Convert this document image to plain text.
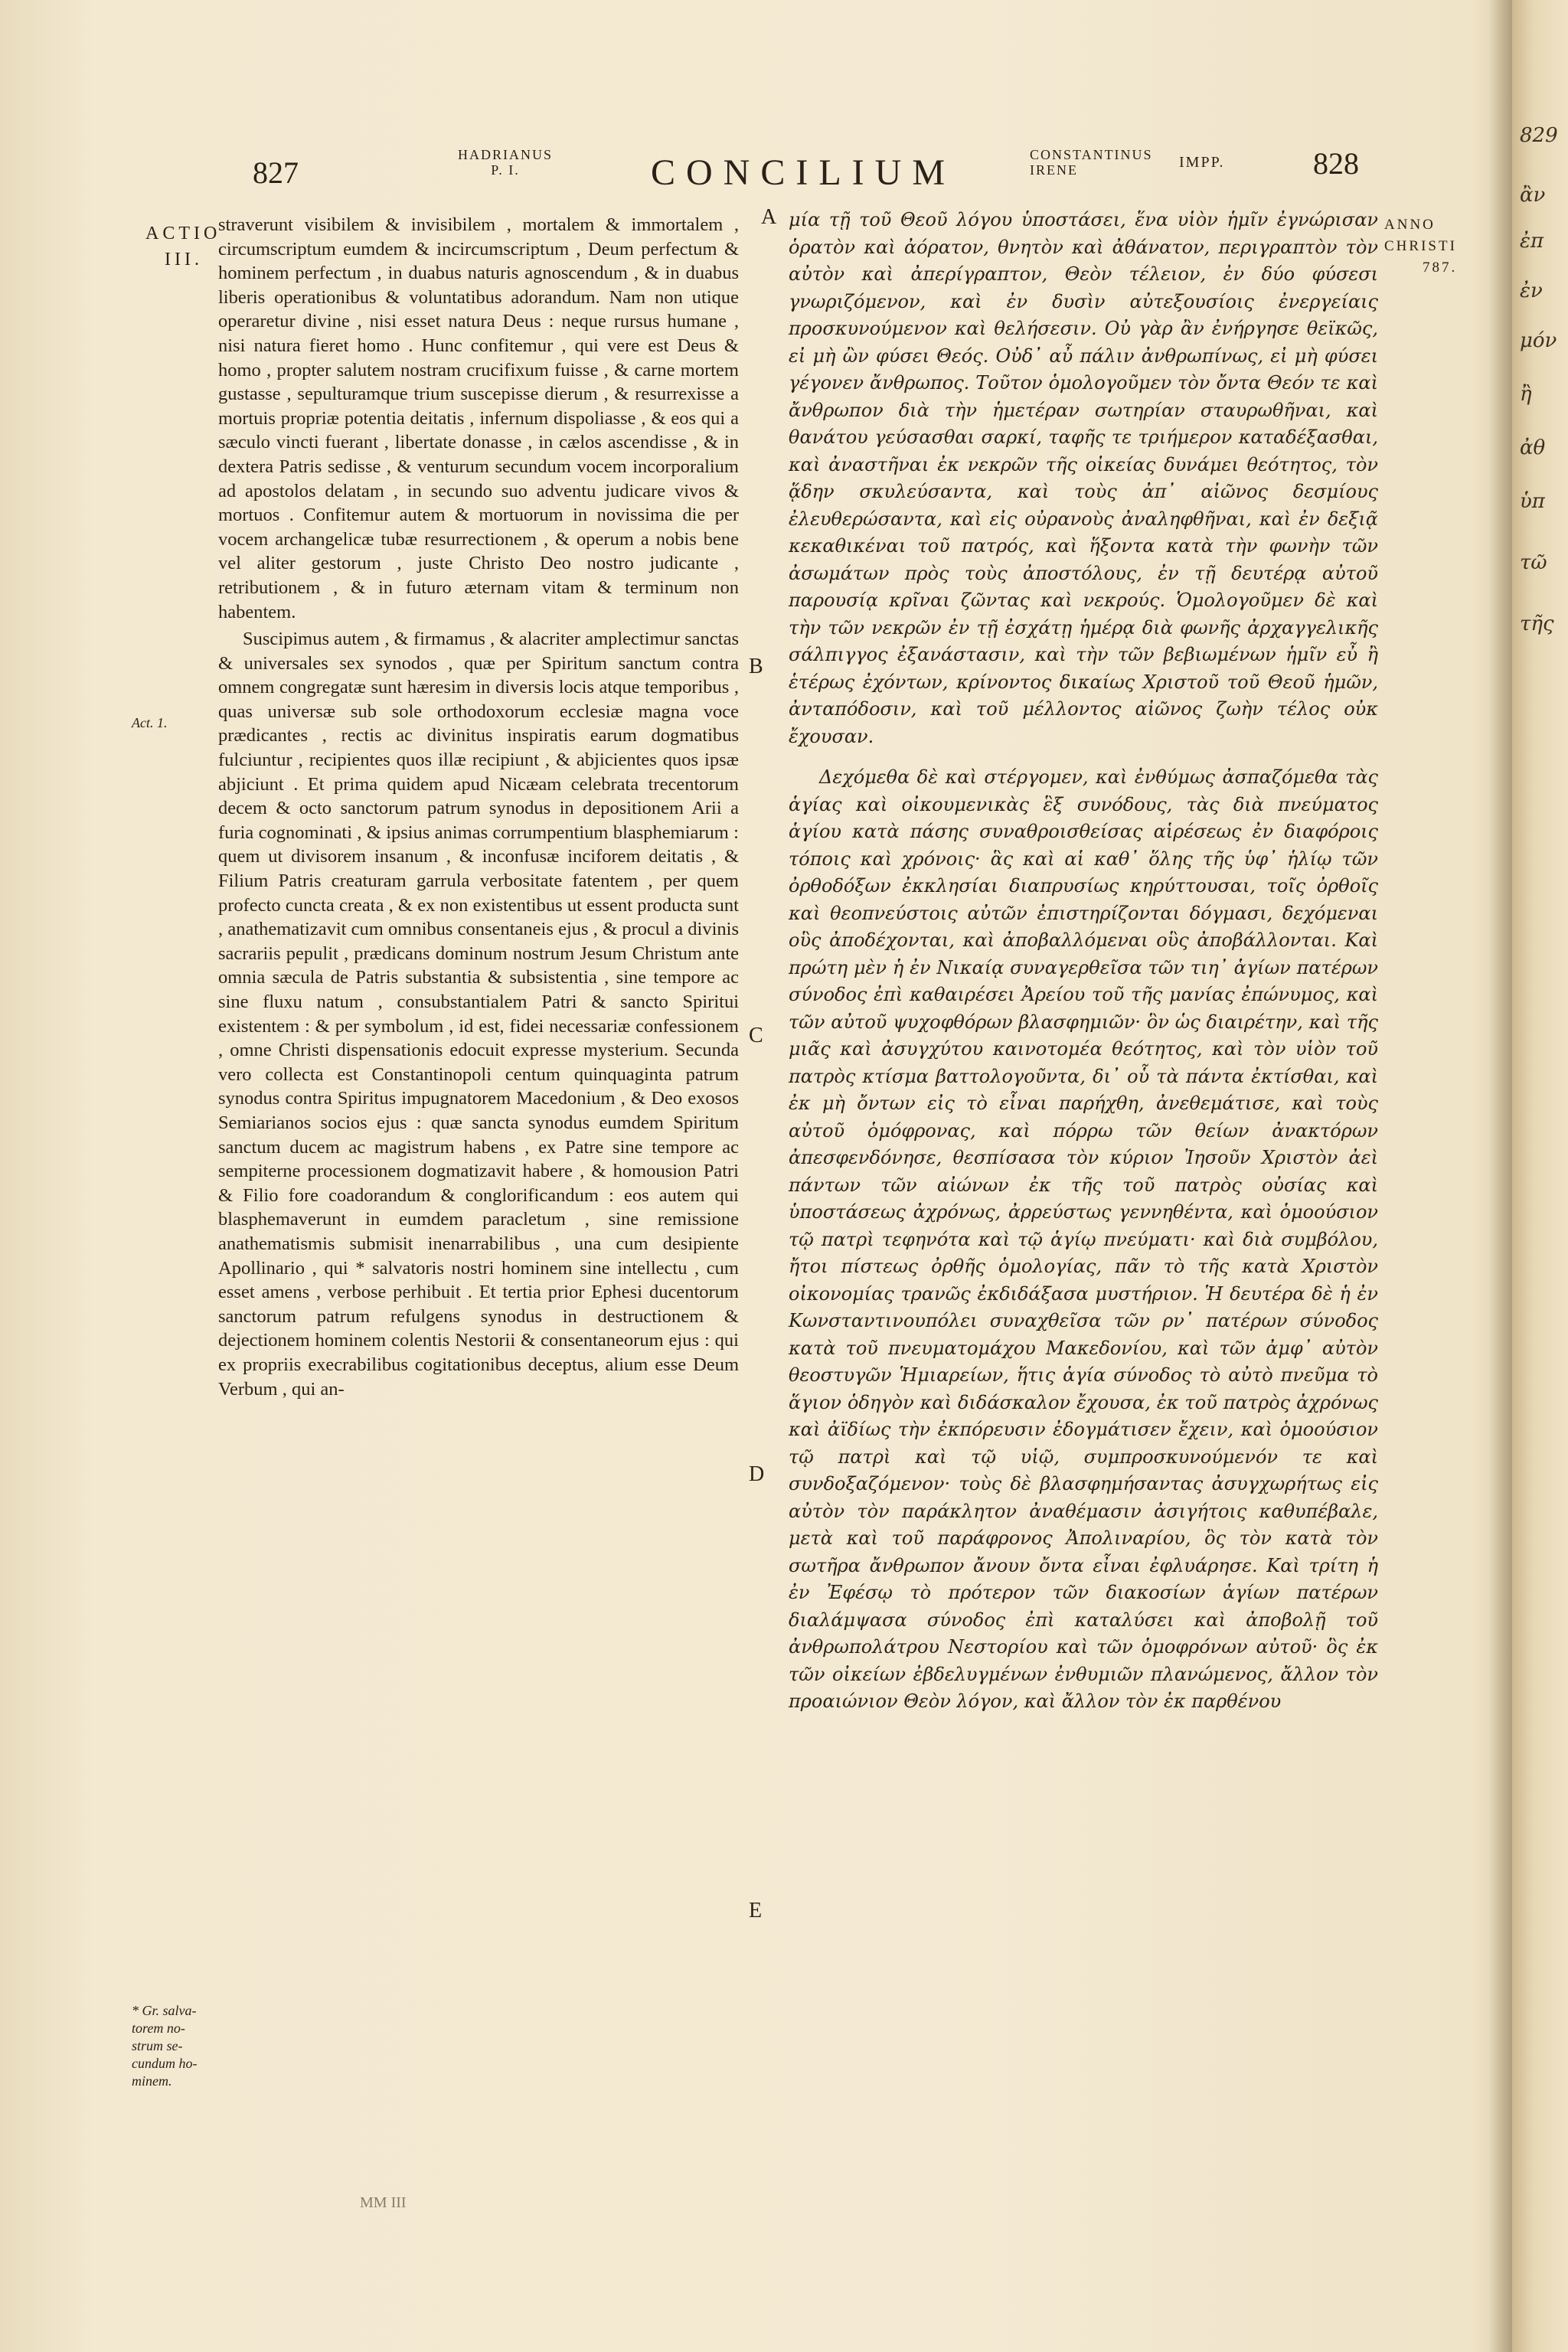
829
ἂν
ἐπ
ἐν
μόν
ἢ
ἀθ
ὑπ
τῶ
τῆς
827
HADRIANUS
P. I.	CONCILIUM	CONSTANTINUS
IRENE	IMPP.	828
ACTIO
III.
Act. 1.
* Gr. salva-
torem no-
strum se-
cundum ho-
minem.

straverunt visibilem & invisibilem , mortalem & immortalem , circumscriptum eumdem & incircumscriptum , Deum perfectum & hominem perfectum , in duabus naturis agnoscendum , & in duabus liberis operationibus & voluntatibus adorandum. Nam non utique operaretur divine , nisi esset natura Deus : neque rursus humane , nisi natura fieret homo . Hunc confitemur , qui vere est Deus & homo , propter salutem nostram crucifixum fuisse , & carne mortem gustasse , sepulturamque trium suscepisse dierum , & resurrexisse a mortuis propriæ potentia deitatis , infernum dispoliasse , & eos qui a sæculo vincti fuerant , libertate donasse , in cælos ascendisse , & in dextera Patris sedisse , & venturum secundum vocem incorporalium ad apostolos delatam , in secundo suo adventu judicare vivos & mortuos . Confitemur autem & mortuorum in novissima die per vocem archangelicæ tubæ resurrectionem , & operum a nobis bene vel aliter gestorum , juste Christo Deo nostro judicante , retributionem , & in futuro æternam vitam & terminum non habentem.

Suscipimus autem , & firmamus , & alacriter amplectimur sanctas & universales sex synodos , quæ per Spiritum sanctum contra omnem congregatæ sunt hæresim in diversis locis atque temporibus , quas universæ sub sole orthodoxorum ecclesiæ magna voce prædicantes , rectis ac divinitus inspiratis earum dogmatibus fulciuntur , recipientes quos illæ recipiunt , & abjicientes quos ipsæ abjiciunt . Et prima quidem apud Nicæam celebrata trecentorum decem & octo sanctorum patrum synodus in depositionem Arii a furia cognominati , & ipsius animas corrumpentium blasphemiarum : quem ut divisorem insanum , & inconfusæ inciforem deitatis , & Filium Patris creaturam garrula verbositate fatentem , per quem profecto cuncta creata , & ex non existentibus ut essent producta sunt , anathematizavit cum omnibus consentaneis ejus , & procul a divinis sacrariis pepulit , prædicans dominum nostrum Jesum Christum ante omnia sæcula de Patris substantia & subsistentia , sine tempore ac sine fluxu natum , consubstantialem Patri & sancto Spiritui existentem : & per symbolum , id est, fidei necessariæ confessionem , omne Christi dispensationis edocuit expresse mysterium. Secunda vero collecta est Constantinopoli centum quinquaginta patrum synodus contra Spiritus impugnatorem Macedonium , & Deo exosos Semiarianos socios ejus : quæ sancta synodus eumdem Spiritum sanctum ducem ac magistrum habens , ex Patre sine tempore ac sempiterne processionem dogmatizavit habere , & homousion Patri & Filio fore coadorandum & conglorificandum : eos autem qui blasphemaverunt in eumdem paracletum , sine remissione anathematismis submisit inenarrabilibus , una cum desipiente Apollinario , qui * salvatoris nostri hominem sine intellectu , cum esset amens , verbose perhibuit . Et tertia prior Ephesi ducentorum sanctorum patrum refulgens synodus in destructionem & dejectionem hominem colentis Nestorii & consentaneorum ejus : qui ex propriis execrabilibus cogitationibus deceptus, alium esse Deum Verbum , qui an-

A
B
C
D
E

μία τῇ τοῦ Θεοῦ λόγου ὑποστάσει, ἕνα υἱὸν ἡμῖν ἐγνώρισαν ὁρατὸν καὶ ἀόρατον, θνητὸν καὶ ἀθάνατον, περιγραπτὸν τὸν αὐτὸν καὶ ἀπερίγραπτον, Θεὸν τέλειον, ἐν δύο φύσεσι γνωριζόμενον, καὶ ἐν δυσὶν αὐτεξουσίοις ἐνεργείαις προσκυνούμενον καὶ θελήσεσιν. Οὐ γὰρ ἂν ἐνήργησε θεϊκῶς, εἰ μὴ ὢν φύσει Θεός. Οὐδ᾽ αὖ πάλιν ἀνθρωπίνως, εἰ μὴ φύσει γέγονεν ἄνθρωπος. Τοῦτον ὁμολογοῦμεν τὸν ὄντα Θεόν τε καὶ ἄνθρωπον διὰ τὴν ἡμετέραν σωτηρίαν σταυρωθῆναι, καὶ θανάτου γεύσασθαι σαρκί, ταφῆς τε τριήμερον καταδέξασθαι, καὶ ἀναστῆναι ἐκ νεκρῶν τῆς οἰκείας δυνάμει θεότητος, τὸν ᾅδην σκυλεύσαντα, καὶ τοὺς ἀπ᾽ αἰῶνος δεσμίους ἐλευθερώσαντα, καὶ εἰς οὐρανοὺς ἀναληφθῆναι, καὶ ἐν δεξιᾷ κεκαθικέναι τοῦ πατρός, καὶ ἥξοντα κατὰ τὴν φωνὴν τῶν ἀσωμάτων πρὸς τοὺς ἀποστόλους, ἐν τῇ δευτέρᾳ αὐτοῦ παρουσίᾳ κρῖναι ζῶντας καὶ νεκρούς. Ὁμολογοῦμεν δὲ καὶ τὴν τῶν νεκρῶν ἐν τῇ ἐσχάτῃ ἡμέρᾳ διὰ φωνῆς ἀρχαγγελικῆς σάλπιγγος ἐξανάστασιν, καὶ τὴν τῶν βεβιωμένων ἡμῖν εὖ ἢ ἑτέρως ἐχόντων, κρίνοντος δικαίως Χριστοῦ τοῦ Θεοῦ ἡμῶν, ἀνταπόδοσιν, καὶ τοῦ μέλλοντος αἰῶνος ζωὴν τέλος οὐκ ἔχουσαν.

Δεχόμεθα δὲ καὶ στέργομεν, καὶ ἐνθύμως ἀσπαζόμεθα τὰς ἁγίας καὶ οἰκουμενικὰς ἓξ συνόδους, τὰς διὰ πνεύματος ἁγίου κατὰ πάσης συναθροισθείσας αἱρέσεως ἐν διαφόροις τόποις καὶ χρόνοις· ἃς καὶ αἱ καθ᾽ ὅλης τῆς ὑφ᾽ ἡλίῳ τῶν ὀρθοδόξων ἐκκλησίαι διαπρυσίως κηρύττουσαι, τοῖς ὀρθοῖς καὶ θεοπνεύστοις αὐτῶν ἐπιστηρίζονται δόγμασι, δεχόμεναι οὓς ἀποδέχονται, καὶ ἀποβαλλόμεναι οὓς ἀποβάλλονται. Καὶ πρώτη μὲν ἡ ἐν Νικαίᾳ συναγερθεῖσα τῶν τιη᾽ ἁγίων πατέρων σύνοδος ἐπὶ καθαιρέσει Ἀρείου τοῦ τῆς μανίας ἐπώνυμος, καὶ τῶν αὐτοῦ ψυχοφθόρων βλασφημιῶν· ὃν ὡς διαιρέτην, καὶ τῆς μιᾶς καὶ ἀσυγχύτου καινοτομέα θεότητος, καὶ τὸν υἱὸν τοῦ πατρὸς κτίσμα βαττολογοῦντα, δι᾽ οὗ τὰ πάντα ἐκτίσθαι, καὶ ἐκ μὴ ὄντων εἰς τὸ εἶναι παρήχθη, ἀνεθεμάτισε, καὶ τοὺς αὐτοῦ ὁμόφρονας, καὶ πόρρω τῶν θείων ἀνακτόρων ἀπεσφενδόνησε, θεσπίσασα τὸν κύριον Ἰησοῦν Χριστὸν ἀεὶ πάντων τῶν αἰώνων ἐκ τῆς τοῦ πατρὸς οὐσίας καὶ ὑποστάσεως ἀχρόνως, ἀρρεύστως γεννηθέντα, καὶ ὁμοούσιον τῷ πατρὶ τεφηνότα καὶ τῷ ἁγίῳ πνεύματι· καὶ διὰ συμβόλου, ἤτοι πίστεως ὀρθῆς ὁμολογίας, πᾶν τὸ τῆς κατὰ Χριστὸν οἰκονομίας τρανῶς ἐκδιδάξασα μυστήριον. Ἡ δευτέρα δὲ ἡ ἐν Κωνσταντινουπόλει συναχθεῖσα τῶν ρν᾽ πατέρων σύνοδος κατὰ τοῦ πνευματομάχου Μακεδονίου, καὶ τῶν ἀμφ᾽ αὐτὸν θεοστυγῶν Ἡμιαρείων, ἥτις ἁγία σύνοδος τὸ αὐτὸ πνεῦμα τὸ ἅγιον ὁδηγὸν καὶ διδάσκαλον ἔχουσα, ἐκ τοῦ πατρὸς ἀχρόνως καὶ ἀϊδίως τὴν ἐκπόρευσιν ἐδογμάτισεν ἔχειν, καὶ ὁμοούσιον τῷ πατρὶ καὶ τῷ υἱῷ, συμπροσκυνούμενόν τε καὶ συνδοξαζόμενον· τοὺς δὲ βλασφημήσαντας ἀσυγχωρήτως εἰς αὐτὸν τὸν παράκλητον ἀναθέμασιν ἀσιγήτοις καθυπέβαλε, μετὰ καὶ τοῦ παράφρονος Ἀπολιναρίου, ὃς τὸν κατὰ τὸν σωτῆρα ἄνθρωπον ἄνουν ὄντα εἶναι ἐφλυάρησε. Καὶ τρίτη ἡ ἐν Ἐφέσῳ τὸ πρότερον τῶν διακοσίων ἁγίων πατέρων διαλάμψασα σύνοδος ἐπὶ καταλύσει καὶ ἀποβολῇ τοῦ ἀνθρωπολάτρου Νεστορίου καὶ τῶν ὁμοφρόνων αὐτοῦ· ὃς ἐκ τῶν οἰκείων ἐβδελυγμένων ἐνθυμιῶν πλανώμενος, ἄλλον τὸν προαιώνιον Θεὸν λόγον, καὶ ἄλλον τὸν ἐκ παρθένου

ANNO
CHRISTI
787.
MM III
